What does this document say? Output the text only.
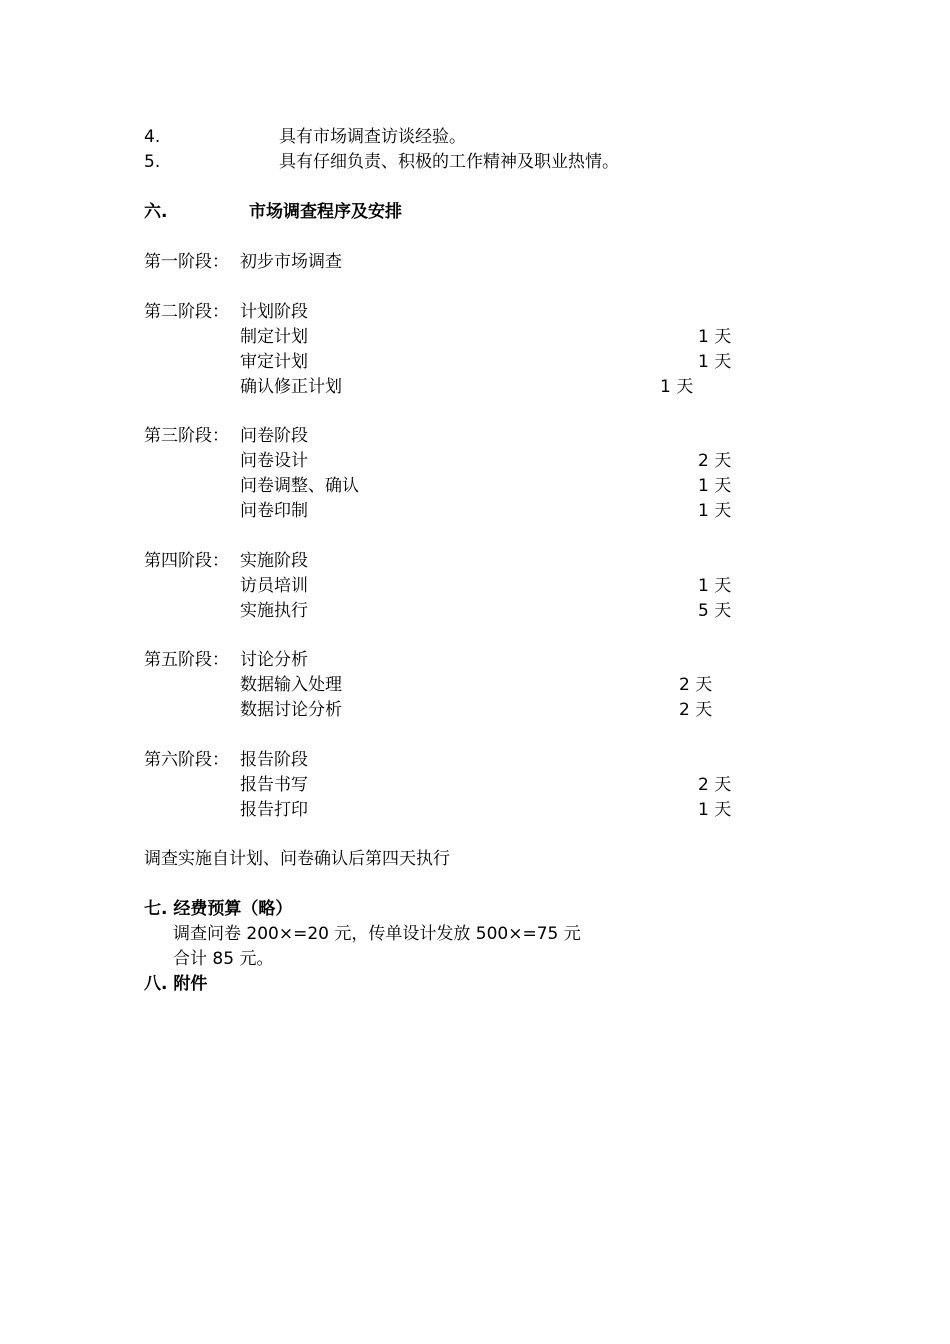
4.	具有市场调查访谈经验。
5.	具有仔细负责、积极的工作精神及职业热情。
六.	市场调查程序及安排
第一阶段： 初步市场调查
第二阶段： 计划阶段
制定计划	1 天
审定计划	1 天
确认修正计划	1 天
第三阶段： 问卷阶段
问卷设计	2 天
问卷调整、确认	1 天
问卷印制	1 天
第四阶段： 实施阶段
访员培训	1 天
实施执行	5 天
第五阶段： 讨论分析
数据输入处理	2 天
数据讨论分析	2 天
第六阶段： 报告阶段
报告书写	2 天
报告打印	1 天
调查实施自计划、问卷确认后第四天执行
七. 经费预算（略）
调查问卷 200×=20 元，传单设计发放 500×=75 元
合计 85 元。
八. 附件
